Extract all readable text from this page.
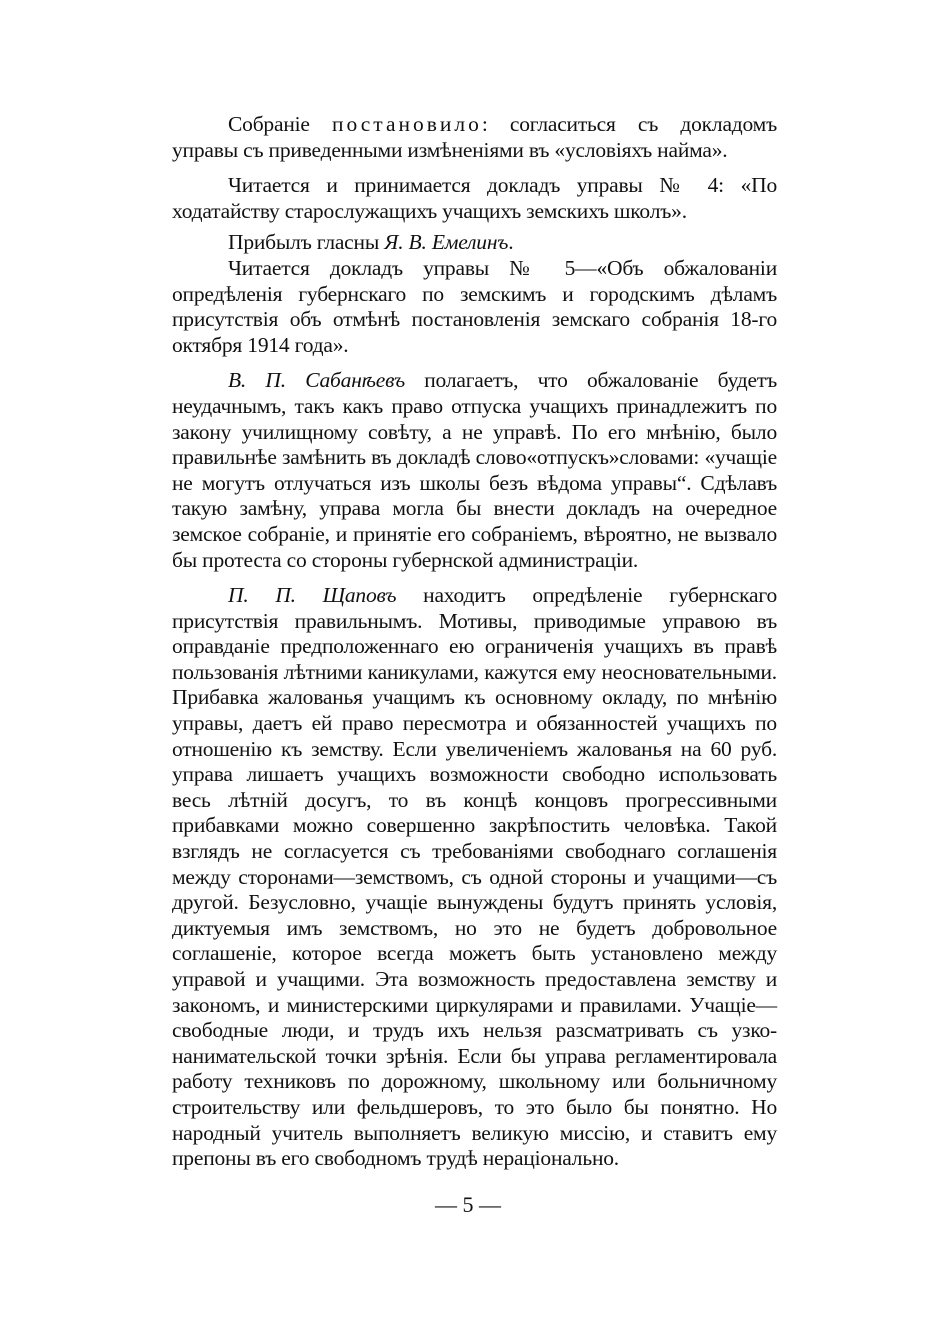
Собраніе постановило: согласиться съ докладомъ управы съ приведенными измѣненіями въ «условіяхъ найма».

Читается и принимается докладъ управы № 4: «По ходатайству старослужащихъ учащихъ земскихъ школъ».

Прибылъ гласны Я. В. Емелинъ.

Читается докладъ управы № 5—«Объ обжалованіи опредѣленія губернскаго по земскимъ и городскимъ дѣламъ присутствія объ отмѣнѣ постановленія земскаго собранія 18-го октября 1914 года».

В. П. Сабанѣевъ полагаетъ, что обжалованіе будетъ неудачнымъ, такъ какъ право отпуска учащихъ принадлежитъ по закону училищному совѣту, а не управѣ. По его мнѣнію, было правильнѣе замѣнить въ докладѣ слово«отпускъ»словами: «учащіе не могутъ отлучаться изъ школы безъ вѣдома управы“. Сдѣлавъ такую замѣну, управа могла бы внести докладъ на очередное земское собраніе, и принятіе его собраніемъ, вѣроятно, не вызвало бы протеста со стороны губернской администраціи.

П. П. Щаповъ находитъ опредѣленіе губернскаго присутствія правильнымъ. Мотивы, приводимые управою въ оправданіе предположеннаго ею ограниченія учащихъ въ правѣ пользованія лѣтними каникулами, кажутся ему неосновательными. Прибавка жалованья учащимъ къ основному окладу, по мнѣнію управы, даетъ ей право пересмотра и обязанностей учащихъ по отношенію къ земству. Если увеличеніемъ жалованья на 60 руб. управа лишаетъ учащихъ возможности свободно использовать весь лѣтній досугъ, то въ концѣ концовъ прогрессивными прибавками можно совершенно закрѣпостить человѣка. Такой взглядъ не согласуется съ требованіями свободнаго соглашенія между сторонами—земствомъ, съ одной стороны и учащими—съ другой. Безусловно, учащіе вынуждены будутъ принять условія, диктуемыя имъ земствомъ, но это не будетъ добровольное соглашеніе, которое всегда можетъ быть установлено между управой и учащими. Эта возможность предоставлена земству и закономъ, и министерскими циркулярами и правилами. Учащіе—свободные люди, и трудъ ихъ нельзя разсматривать съ узко-нанимательской точки зрѣнія. Если бы управа регламентировала работу техниковъ по дорожному, школьному или больничному строительству или фельдшеровъ, то это было бы понятно. Но народный учитель выполняетъ великую миссію, и ставитъ ему препоны въ его свободномъ трудѣ нераціонально.

— 5 —
